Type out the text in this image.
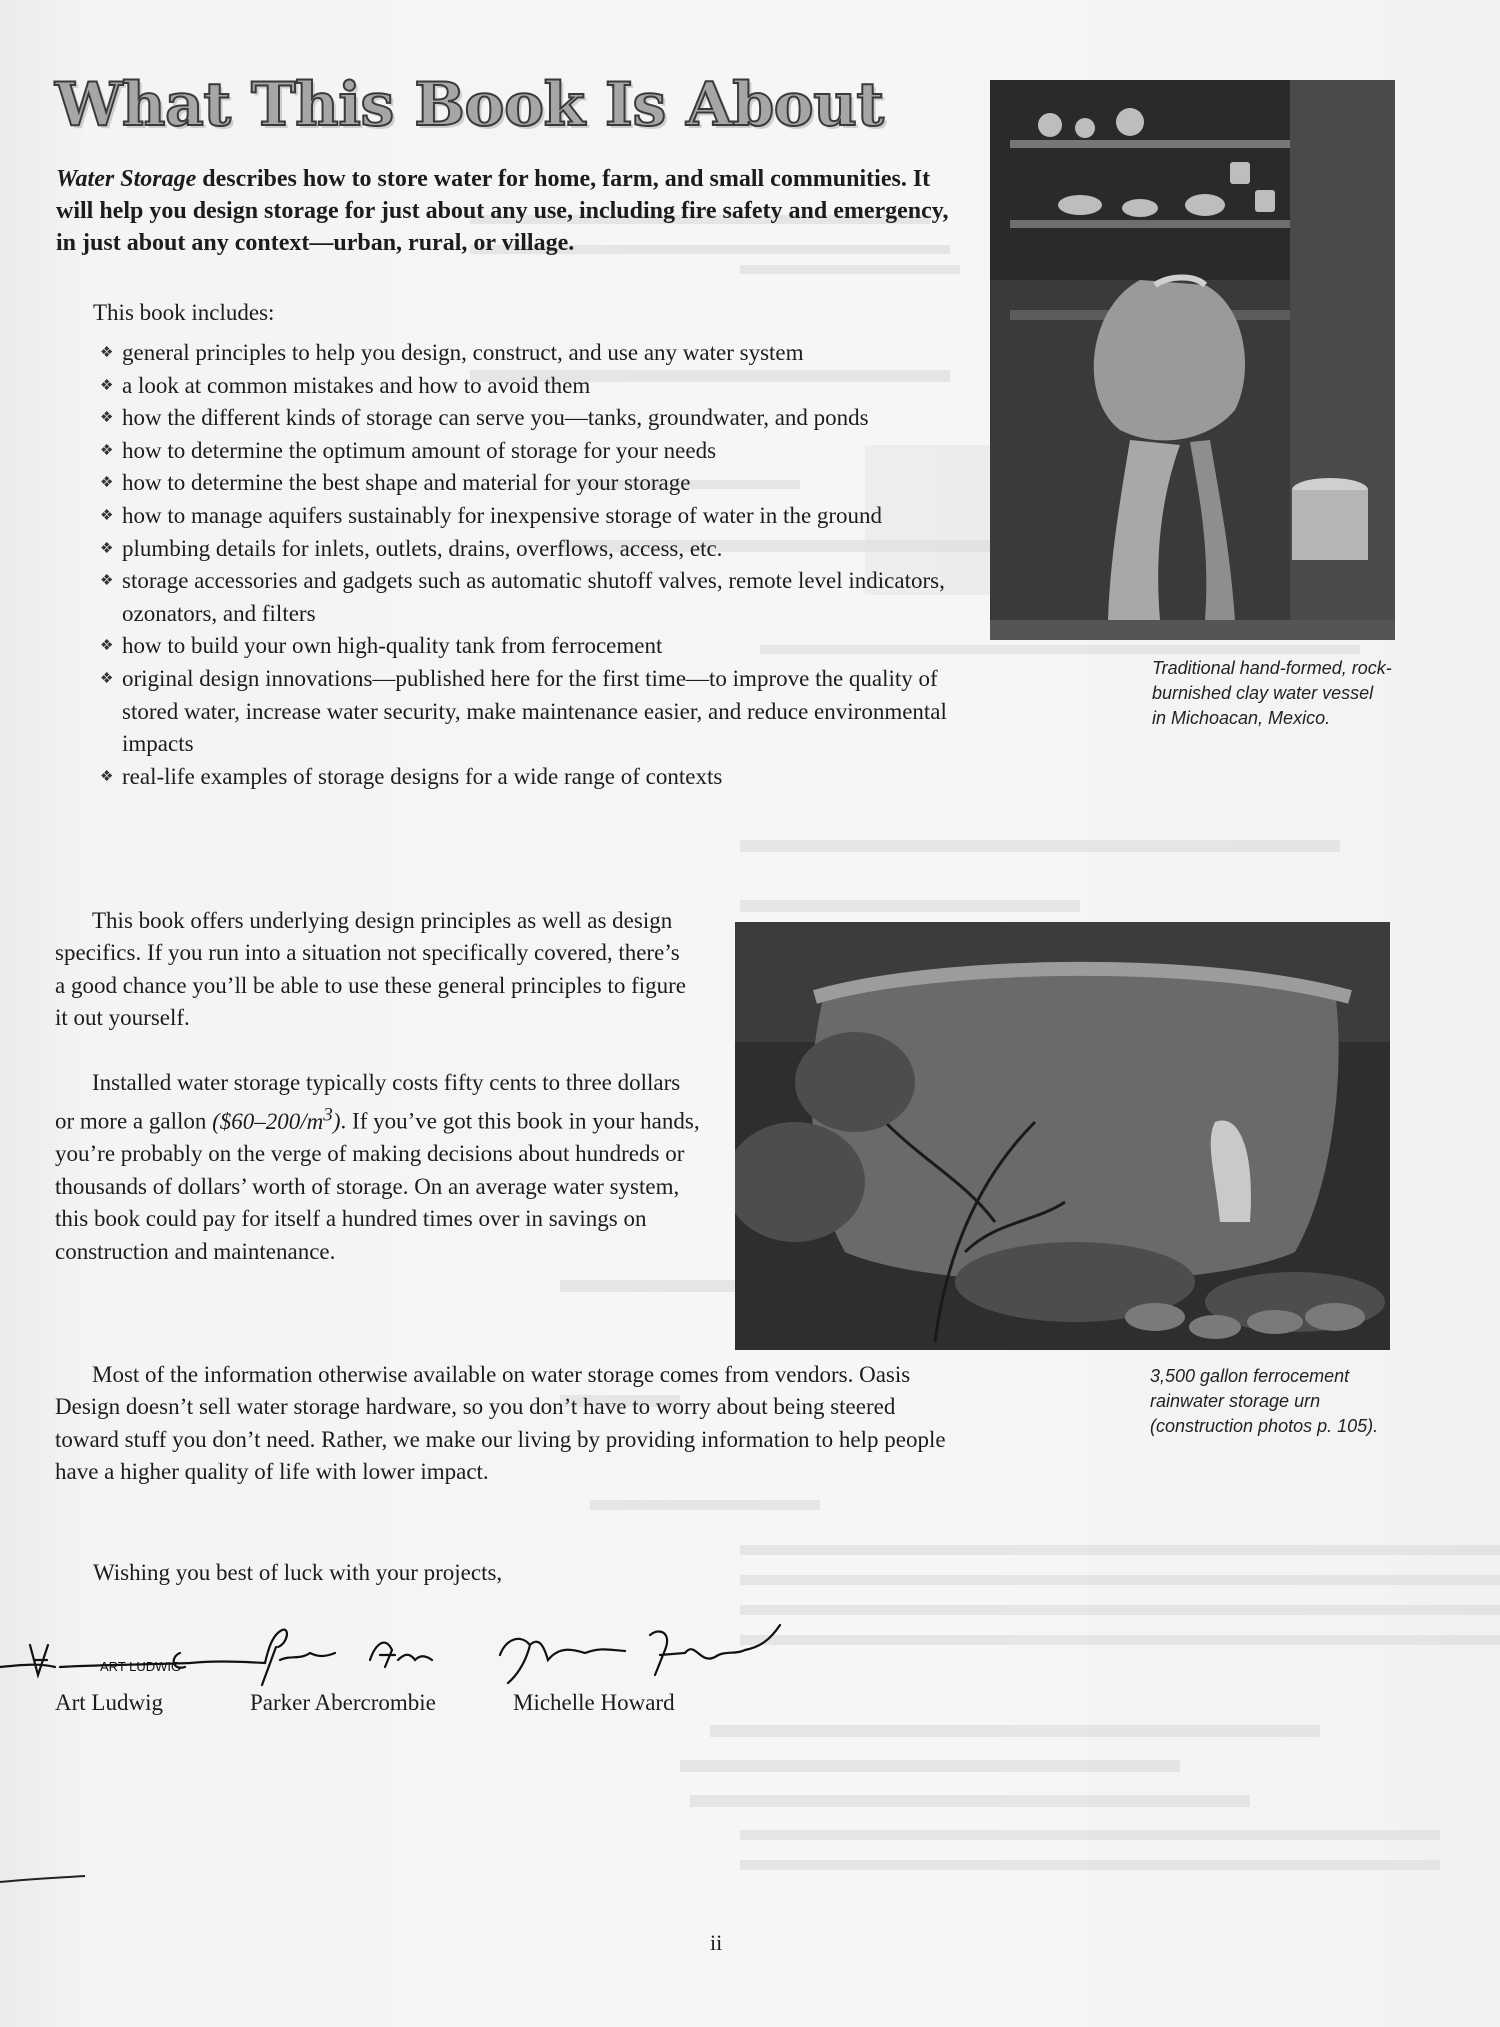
What This Book Is About

Water Storage describes how to store water for home, farm, and small communities. It will help you design storage for just about any use, including fire safety and emergency, in just about any context—urban, rural, or village.

This book includes:

❖ general principles to help you design, construct, and use any water system
❖ a look at common mistakes and how to avoid them
❖ how the different kinds of storage can serve you—tanks, groundwater, and ponds
❖ how to determine the optimum amount of storage for your needs
❖ how to determine the best shape and material for your storage
❖ how to manage aquifers sustainably for inexpensive storage of water in the ground
❖ plumbing details for inlets, outlets, drains, overflows, access, etc.
❖ storage accessories and gadgets such as automatic shutoff valves, remote level indicators, ozonators, and filters
❖ how to build your own high-quality tank from ferrocement
❖ original design innovations—published here for the first time—to improve the quality of stored water, increase water security, make maintenance easier, and reduce environmental impacts
❖ real-life examples of storage designs for a wide range of contexts

This book offers underlying design principles as well as design specifics. If you run into a situation not specifically covered, there’s a good chance you’ll be able to use these general principles to figure it out yourself.

Installed water storage typically costs fifty cents to three dollars or more a gallon $(\$60-200/m^3)$. If you’ve got this book in your hands, you’re probably on the verge of making decisions about hundreds or thousands of dollars’ worth of storage. On an average water system, this book could pay for itself a hundred times over in savings on construction and maintenance.

Most of the information otherwise available on water storage comes from vendors. Oasis Design doesn’t sell water storage hardware, so you don’t have to worry about being steered toward stuff you don’t need. Rather, we make our living by providing information to help people have a higher quality of life with lower impact.

Wishing you best of luck with your projects,

ART LUDWIG

Art Ludwig	Parker Abercrombie	Michelle Howard

Traditional hand-formed, rock-burnished clay water vessel in Michoacan, Mexico.

3,500 gallon ferrocement rainwater storage urn (construction photos p. 105).

ii
